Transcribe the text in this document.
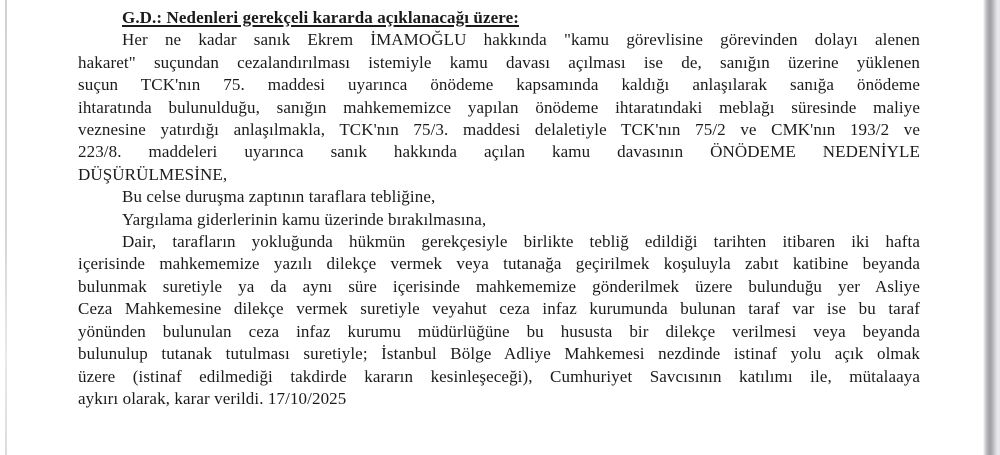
G.D.: Nedenleri gerekçeli kararda açıklanacağı üzere:
Her ne kadar sanık Ekrem İMAMOĞLU hakkında "kamu görevlisine görevinden dolayı alenen
hakaret" suçundan cezalandırılması istemiyle kamu davası açılması ise de, sanığın üzerine yüklenen
suçun TCK'nın 75. maddesi uyarınca önödeme kapsamında kaldığı anlaşılarak sanığa önödeme
ihtaratında bulunulduğu, sanığın mahkememizce yapılan önödeme ihtaratındaki meblağı süresinde maliye
veznesine yatırdığı anlaşılmakla, TCK'nın 75/3. maddesi delaletiyle TCK'nın 75/2 ve CMK'nın 193/2 ve
223/8. maddeleri uyarınca sanık hakkında açılan kamu davasının ÖNÖDEME NEDENİYLE
DÜŞÜRÜLMESİNE,
Bu celse duruşma zaptının taraflara tebliğine,
Yargılama giderlerinin kamu üzerinde bırakılmasına,
Dair, tarafların yokluğunda hükmün gerekçesiyle birlikte tebliğ edildiği tarihten itibaren iki hafta
içerisinde mahkememize yazılı dilekçe vermek veya tutanağa geçirilmek koşuluyla zabıt katibine beyanda
bulunmak suretiyle ya da aynı süre içerisinde mahkememize gönderilmek üzere bulunduğu yer Asliye
Ceza Mahkemesine dilekçe vermek suretiyle veyahut ceza infaz kurumunda bulunan taraf var ise bu taraf
yönünden bulunulan ceza infaz kurumu müdürlüğüne bu hususta bir dilekçe verilmesi veya beyanda
bulunulup tutanak tutulması suretiyle; İstanbul Bölge Adliye Mahkemesi nezdinde istinaf yolu açık olmak
üzere (istinaf edilmediği takdirde kararın kesinleşeceği), Cumhuriyet Savcısının katılımı ile, mütalaaya
aykırı olarak, karar verildi. 17/10/2025
